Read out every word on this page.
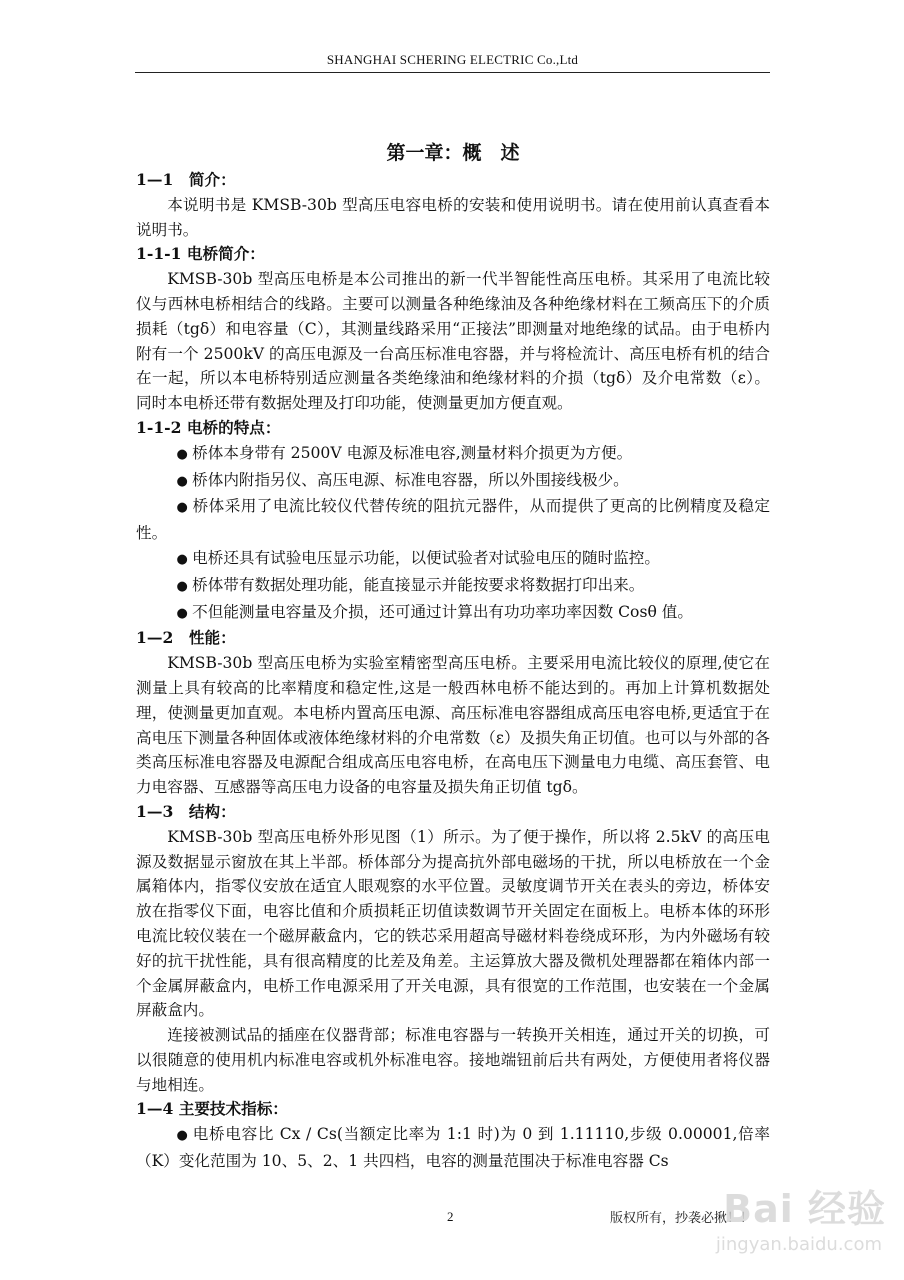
SHANGHAI SCHERING ELECTRIC Co.,Ltd
第一章：概　述
1—1　简介：

本说明书是 KMSB-30b 型高压电容电桥的安装和使用说明书。请在使用前认真查看本说明书。

1-1-1 电桥简介：

KMSB-30b 型高压电桥是本公司推出的新一代半智能性高压电桥。其采用了电流比较仪与西林电桥相结合的线路。主要可以测量各种绝缘油及各种绝缘材料在工频高压下的介质损耗（tgδ）和电容量（C），其测量线路采用“正接法”即测量对地绝缘的试品。由于电桥内附有一个 2500kV 的高压电源及一台高压标准电容器，并与将检流计、高压电桥有机的结合在一起，所以本电桥特别适应测量各类绝缘油和绝缘材料的介损（tgδ）及介电常数（ε）。同时本电桥还带有数据处理及打印功能，使测量更加方便直观。

1-1-2 电桥的特点：
● 桥体本身带有 2500V 电源及标准电容,测量材料介损更为方便。
● 桥体内附指另仪、高压电源、标准电容器，所以外围接线极少。
● 桥体采用了电流比较仪代替传统的阻抗元器件，从而提供了更高的比例精度及稳定性。
● 电桥还具有试验电压显示功能，以便试验者对试验电压的随时监控。
● 桥体带有数据处理功能，能直接显示并能按要求将数据打印出来。
● 不但能测量电容量及介损，还可通过计算出有功功率功率因数 Cosθ 值。
1—2　性能：

KMSB-30b 型高压电桥为实验室精密型高压电桥。主要采用电流比较仪的原理,使它在测量上具有较高的比率精度和稳定性,这是一般西林电桥不能达到的。再加上计算机数据处理，使测量更加直观。本电桥内置高压电源、高压标准电容器组成高压电容电桥,更适宜于在高电压下测量各种固体或液体绝缘材料的介电常数（ε）及损失角正切值。也可以与外部的各类高压标准电容器及电源配合组成高压电容电桥，在高电压下测量电力电缆、高压套管、电力电容器、互感器等高压电力设备的电容量及损失角正切值 tgδ。

1—3　结构：

KMSB-30b 型高压电桥外形见图（1）所示。为了便于操作，所以将 2.5kV 的高压电源及数据显示窗放在其上半部。桥体部分为提高抗外部电磁场的干扰，所以电桥放在一个金属箱体内，指零仪安放在适宜人眼观察的水平位置。灵敏度调节开关在表头的旁边，桥体安放在指零仪下面，电容比值和介质损耗正切值读数调节开关固定在面板上。电桥本体的环形电流比较仪装在一个磁屏蔽盒内，它的铁芯采用超高导磁材料卷绕成环形，为内外磁场有较好的抗干扰性能，具有很高精度的比差及角差。主运算放大器及微机处理器都在箱体内部一个金属屏蔽盒内，电桥工作电源采用了开关电源，具有很宽的工作范围，也安装在一个金属屏蔽盒内。

连接被测试品的插座在仪器背部；标准电容器与一转换开关相连，通过开关的切换，可以很随意的使用机内标准电容或机外标准电容。接地端钮前后共有两处，方便使用者将仪器与地相连。

1—4 主要技术指标：
● 电桥电容比 Cx / Cs(当额定比率为 1:1 时)为 0 到 1.11110,步级 0.00001,倍率（K）变化范围为 10、5、2、1 共四档，电容的测量范围决于标准电容器 Cs
2	版权所有，抄袭必揪！！
Bai 经验
jingyan.baidu.com
